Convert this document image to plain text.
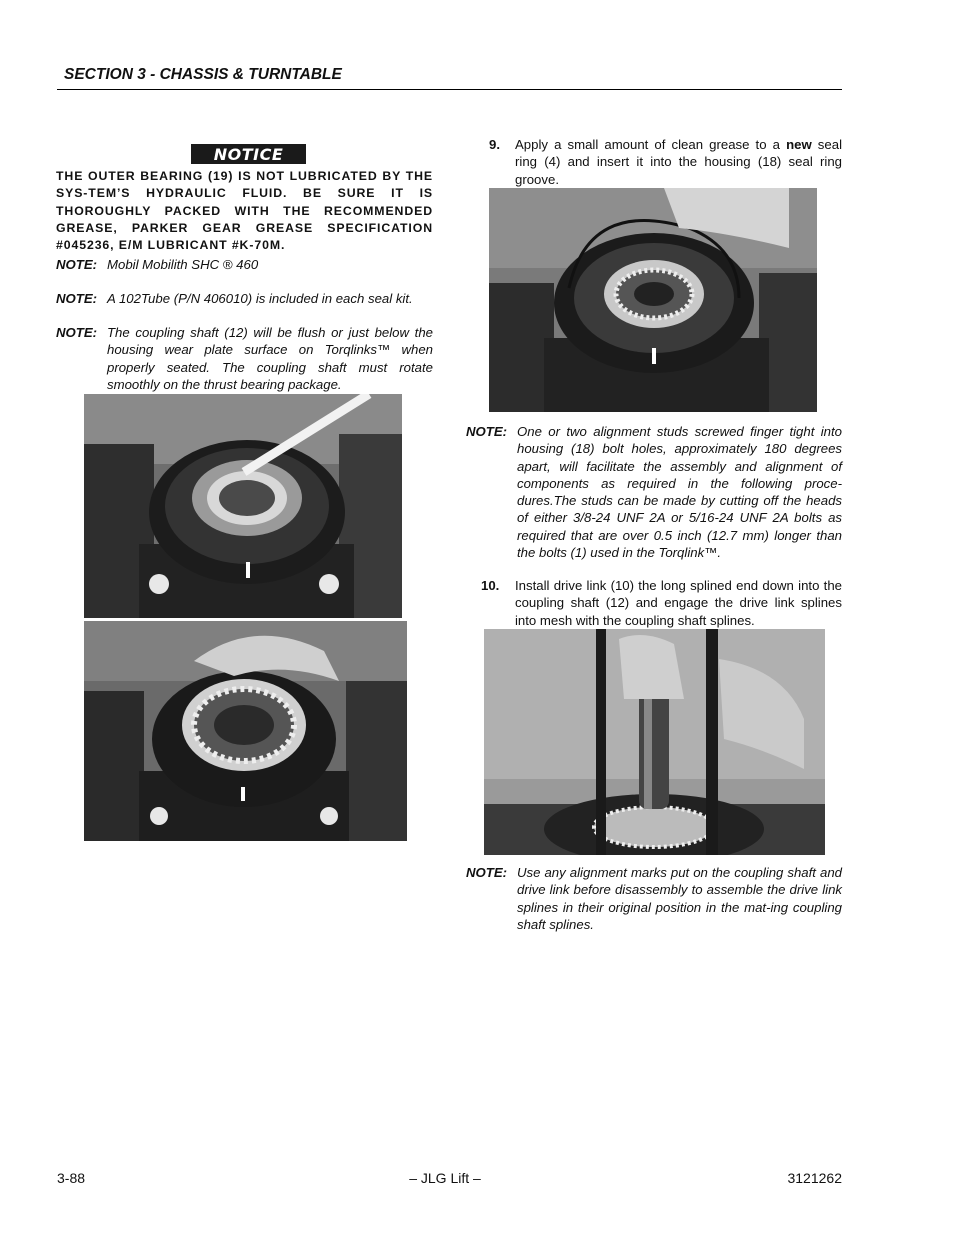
SECTION 3 - CHASSIS & TURNTABLE
NOTICE
THE OUTER BEARING (19) IS NOT LUBRICATED BY THE SYS-TEM’S HYDRAULIC FLUID. BE SURE IT IS THOROUGHLY PACKED WITH THE RECOMMENDED GREASE, PARKER GEAR GREASE SPECIFICATION #045236, E/M LUBRICANT #K-70M.
NOTE: Mobil Mobilith SHC ® 460
NOTE: A 102Tube (P/N 406010) is included in each seal kit.
NOTE: The coupling shaft (12) will be flush or just below the housing wear plate surface on Torqlinks™ when properly seated. The coupling shaft must rotate smoothly on the thrust bearing package.
9. Apply a small amount of clean grease to a new seal ring (4) and insert it into the housing (18) seal ring groove.
NOTE: One or two alignment studs screwed finger tight into housing (18) bolt holes, approximately 180 degrees apart, will facilitate the assembly and alignment of components as required in the following proce-dures.The studs can be made by cutting off the heads of either 3/8-24 UNF 2A or 5/16-24 UNF 2A bolts as required that are over 0.5 inch (12.7 mm) longer than the bolts (1) used in the Torqlink™.
10. Install drive link (10) the long splined end down into the coupling shaft (12) and engage the drive link splines into mesh with the coupling shaft splines.
NOTE: Use any alignment marks put on the coupling shaft and drive link before disassembly to assemble the drive link splines in their original position in the mat-ing coupling shaft splines.
3-88	– JLG Lift –	3121262
